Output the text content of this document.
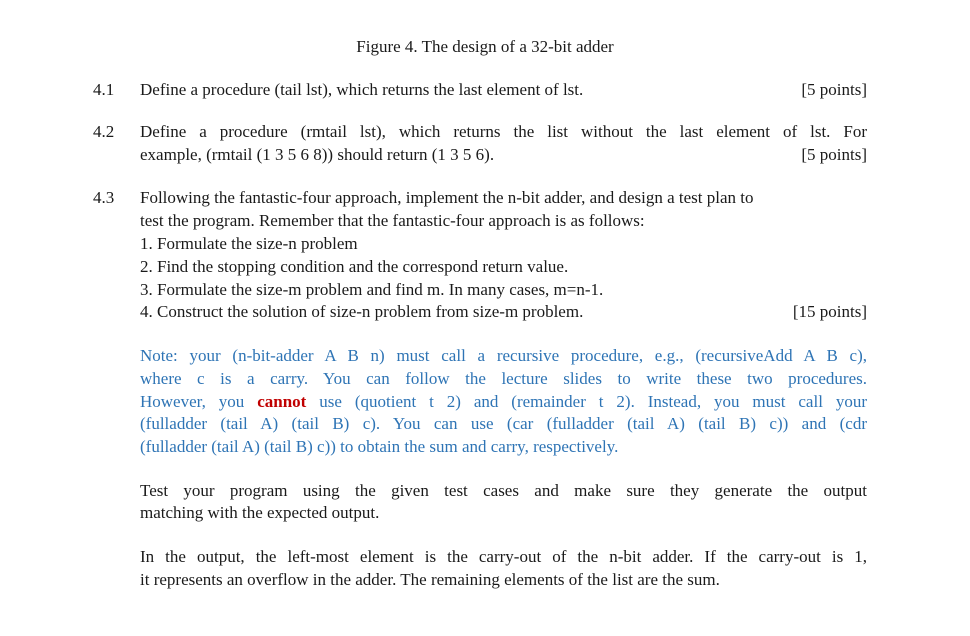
Figure 4. The design of a 32-bit adder
4.1 Define a procedure (tail lst), which returns the last element of lst.	[5 points]
4.2 Define a procedure (rmtail lst), which returns the list without the last element of lst. For
example, (rmtail (1 3 5 6 8)) should return (1 3 5 6).	[5 points]
4.3 Following the fantastic-four approach, implement the n-bit adder, and design a test plan to
test the program. Remember that the fantastic-four approach is as follows:
1. Formulate the size-n problem
2. Find the stopping condition and the correspond return value.
3. Formulate the size-m problem and find m. In many cases, m=n-1.
4. Construct the solution of size-n problem from size-m problem.	[15 points]
Note: your (n-bit-adder A B n) must call a recursive procedure, e.g., (recursiveAdd A B c),
where c is a carry. You can follow the lecture slides to write these two procedures.
However, you cannot use (quotient t 2) and (remainder t 2). Instead, you must call your
(fulladder (tail A) (tail B) c). You can use (car (fulladder (tail A) (tail B) c)) and (cdr
(fulladder (tail A) (tail B) c)) to obtain the sum and carry, respectively.
Test your program using the given test cases and make sure they generate the output
matching with the expected output.
In the output, the left-most element is the carry-out of the n-bit adder. If the carry-out is 1,
it represents an overflow in the adder. The remaining elements of the list are the sum.
